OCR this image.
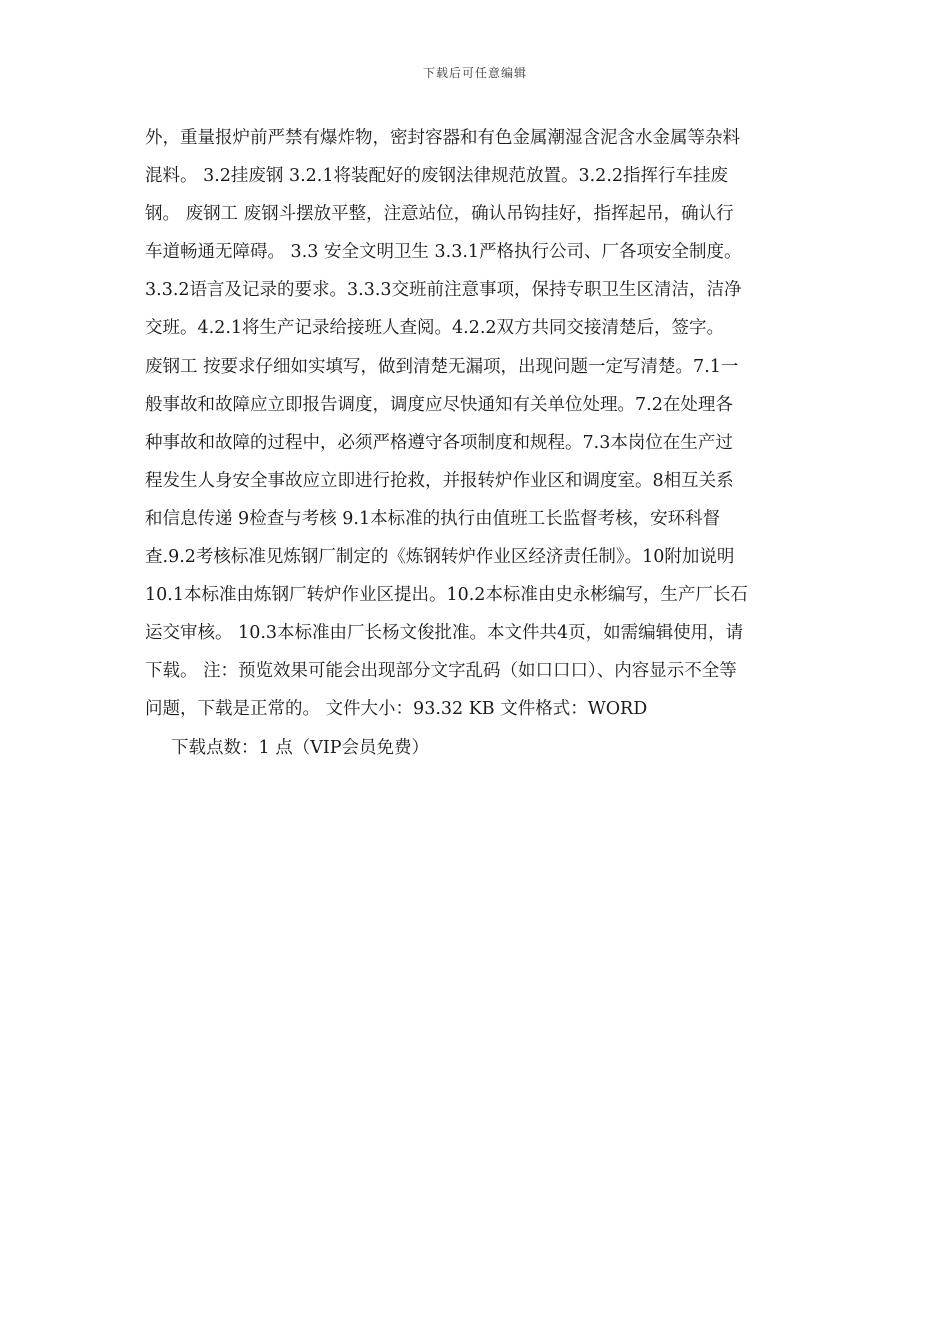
下载后可任意编辑
外，重量报炉前严禁有爆炸物，密封容器和有色金属潮湿含泥含水金属等杂料
混料。 3.2挂废钢 3.2.1将装配好的废钢法律规范放置。3.2.2指挥行车挂废
钢。 废钢工 废钢斗摆放平整，注意站位，确认吊钩挂好，指挥起吊，确认行
车道畅通无障碍。 3.3 安全文明卫生 3.3.1严格执行公司、厂各项安全制度。
3.3.2语言及记录的要求。3.3.3交班前注意事项，保持专职卫生区清洁，洁净
交班。4.2.1将生产记录给接班人查阅。4.2.2双方共同交接清楚后，签字。
废钢工 按要求仔细如实填写，做到清楚无漏项，出现问题一定写清楚。7.1一
般事故和故障应立即报告调度，调度应尽快通知有关单位处理。7.2在处理各
种事故和故障的过程中，必须严格遵守各项制度和规程。7.3本岗位在生产过
程发生人身安全事故应立即进行抢救，并报转炉作业区和调度室。8相互关系
和信息传递 9检查与考核 9.1本标准的执行由值班工长监督考核，安环科督
查.9.2考核标准见炼钢厂制定的《炼钢转炉作业区经济责任制》。10附加说明
10.1本标准由炼钢厂转炉作业区提出。10.2本标准由史永彬编写，生产厂长石
运交审核。 10.3本标准由厂长杨文俊批准。本文件共4页，如需编辑使用，请
下载。 注：预览效果可能会出现部分文字乱码（如口口口）、内容显示不全等
问题，下载是正常的。 文件大小：93.32 KB 文件格式：WORD
下载点数：1 点（VIP会员免费）
